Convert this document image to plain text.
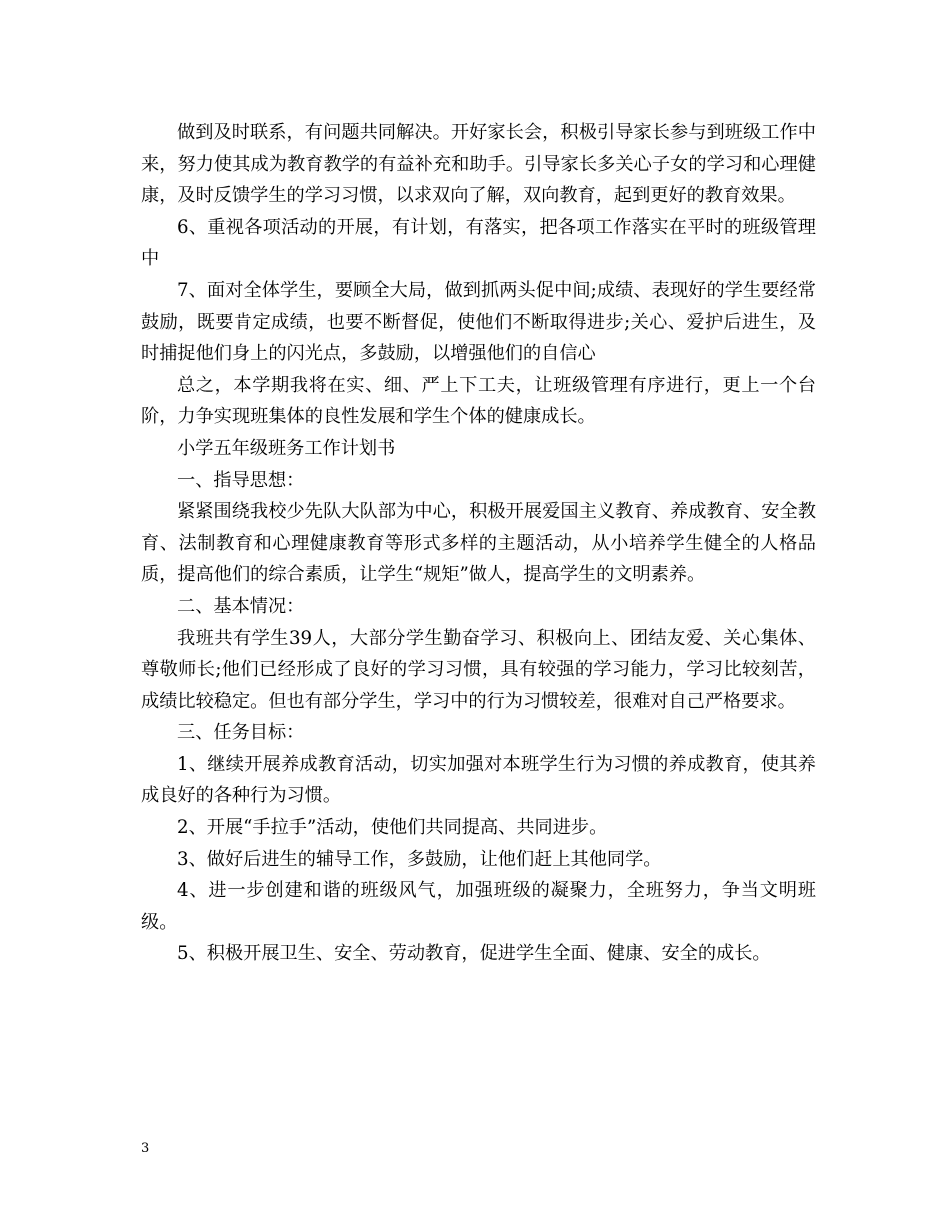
做到及时联系，有问题共同解决。开好家长会，积极引导家长参与到班级工作中来，努力使其成为教育教学的有益补充和助手。引导家长多关心子女的学习和心理健康，及时反馈学生的学习习惯，以求双向了解，双向教育，起到更好的教育效果。

6、重视各项活动的开展，有计划，有落实，把各项工作落实在平时的班级管理中

7、面对全体学生，要顾全大局，做到抓两头促中间;成绩、表现好的学生要经常鼓励，既要肯定成绩，也要不断督促，使他们不断取得进步;关心、爱护后进生，及时捕捉他们身上的闪光点，多鼓励，以增强他们的自信心

总之，本学期我将在实、细、严上下工夫，让班级管理有序进行，更上一个台阶，力争实现班集体的良性发展和学生个体的健康成长。

小学五年级班务工作计划书

一、指导思想：

紧紧围绕我校少先队大队部为中心，积极开展爱国主义教育、养成教育、安全教育、法制教育和心理健康教育等形式多样的主题活动，从小培养学生健全的人格品质，提高他们的综合素质，让学生“规矩”做人，提高学生的文明素养。

二、基本情况：

我班共有学生39人，大部分学生勤奋学习、积极向上、团结友爱、关心集体、尊敬师长;他们已经形成了良好的学习习惯，具有较强的学习能力，学习比较刻苦，成绩比较稳定。但也有部分学生，学习中的行为习惯较差，很难对自己严格要求。

三、任务目标：

1、继续开展养成教育活动，切实加强对本班学生行为习惯的养成教育，使其养成良好的各种行为习惯。

2、开展“手拉手”活动，使他们共同提高、共同进步。

3、做好后进生的辅导工作，多鼓励，让他们赶上其他同学。

4、进一步创建和谐的班级风气，加强班级的凝聚力，全班努力，争当文明班级。

5、积极开展卫生、安全、劳动教育，促进学生全面、健康、安全的成长。

3
